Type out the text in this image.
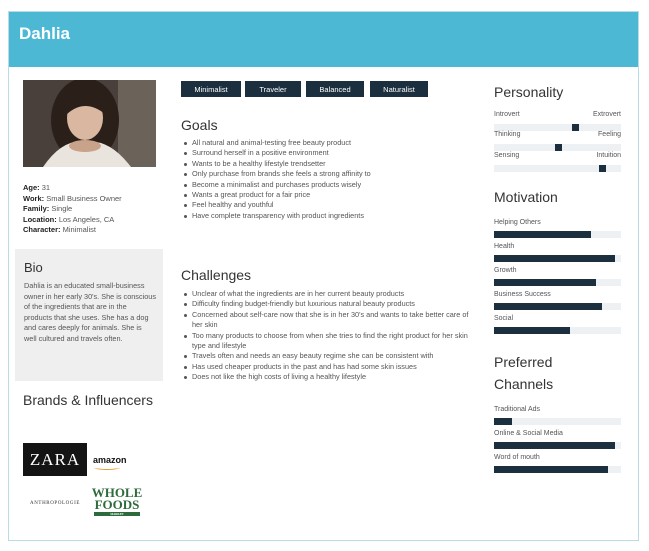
Dahlia
Age: 31
Work: Small Business Owner
Family: Single
Location: Los Angeles, CA
Character: Minimalist
Bio

Dahlia is an educated small-business owner in her early 30's. She is conscious of the ingredients that are in the products that she uses. She has a dog and cares deeply for animals. She is well cultured and travels often.

Brands & Influencers
ZARA	amazon
ANTHROPOLOGIE
WHOLE FOODS
MARKET
Minimalist	Traveler	Balanced	Naturalist
Goals
All natural and animal-testing free beauty product
Surround herself in a positive environment
Wants to be a healthy lifestyle trendsetter
Only purchase from brands she feels a strong affinity to
Become a minimalist and purchases products wisely
Wants a great product for a fair price
Feel healthy and youthful
Have complete transparency with product ingredients
Challenges
Unclear of what the ingredients are in her current beauty products
Difficulty finding budget-friendly but luxurious natural beauty products
Concerned about self-care now that she is in her 30's and wants to take better care of her skin
Too many products to choose from when she tries to find the right product for her skin type and lifestyle
Travels often and needs an easy beauty regime she can be consistent with
Has used cheaper products in the past and has had some skin issues
Does not like the high costs of living a healthy lifestyle
Personality
Introvert	Extrovert
Thinking	Feeling
Sensing	Intuition
Motivation
Helping Others
Health
Growth
Business Success
Social
Preferred Channels
Traditional Ads
Online & Social Media
Word of mouth
